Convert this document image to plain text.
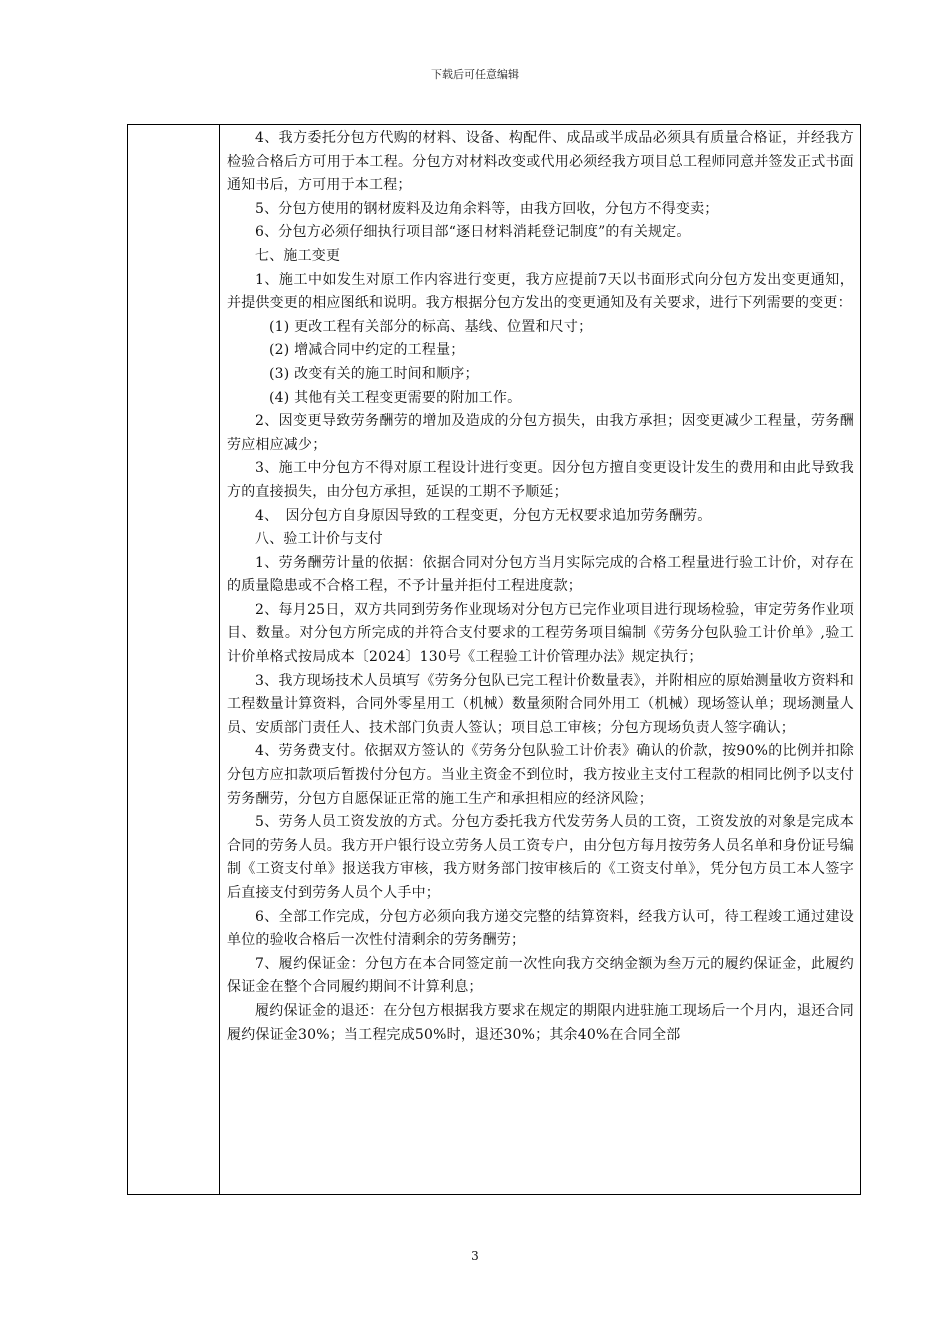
下载后可任意编辑

4、我方委托分包方代购的材料、设备、构配件、成品或半成品必须具有质量合格证，并经我方检验合格后方可用于本工程。分包方对材料改变或代用必须经我方项目总工程师同意并签发正式书面通知书后，方可用于本工程；

5、分包方使用的钢材废料及边角余料等，由我方回收，分包方不得变卖；

6、分包方必须仔细执行项目部“逐日材料消耗登记制度”的有关规定。

七、施工变更

1、施工中如发生对原工作内容进行变更，我方应提前7天以书面形式向分包方发出变更通知，并提供变更的相应图纸和说明。我方根据分包方发出的变更通知及有关要求，进行下列需要的变更：

(1) 更改工程有关部分的标高、基线、位置和尺寸；

(2) 增减合同中约定的工程量；

(3) 改变有关的施工时间和顺序；

(4) 其他有关工程变更需要的附加工作。

2、因变更导致劳务酬劳的增加及造成的分包方损失，由我方承担；因变更减少工程量，劳务酬劳应相应减少；

3、施工中分包方不得对原工程设计进行变更。因分包方擅自变更设计发生的费用和由此导致我方的直接损失，由分包方承担，延误的工期不予顺延；

4、　因分包方自身原因导致的工程变更，分包方无权要求追加劳务酬劳。

八、验工计价与支付

1、劳务酬劳计量的依据：依据合同对分包方当月实际完成的合格工程量进行验工计价，对存在的质量隐患或不合格工程，不予计量并拒付工程进度款；

2、每月25日，双方共同到劳务作业现场对分包方已完作业项目进行现场检验，审定劳务作业项目、数量。对分包方所完成的并符合支付要求的工程劳务项目编制《劳务分包队验工计价单》,验工计价单格式按局成本〔2024〕130号《工程验工计价管理办法》规定执行；

3、我方现场技术人员填写《劳务分包队已完工程计价数量表》，并附相应的原始测量收方资料和工程数量计算资料，合同外零星用工（机械）数量须附合同外用工（机械）现场签认单；现场测量人员、安质部门责任人、技术部门负责人签认；项目总工审核；分包方现场负责人签字确认；

4、劳务费支付。依据双方签认的《劳务分包队验工计价表》确认的价款，按90%的比例并扣除分包方应扣款项后暂拨付分包方。当业主资金不到位时，我方按业主支付工程款的相同比例予以支付劳务酬劳，分包方自愿保证正常的施工生产和承担相应的经济风险；

5、劳务人员工资发放的方式。分包方委托我方代发劳务人员的工资，工资发放的对象是完成本合同的劳务人员。我方开户银行设立劳务人员工资专户，由分包方每月按劳务人员名单和身份证号编制《工资支付单》报送我方审核，我方财务部门按审核后的《工资支付单》，凭分包方员工本人签字后直接支付到劳务人员个人手中；

6、全部工作完成，分包方必须向我方递交完整的结算资料，经我方认可，待工程竣工通过建设单位的验收合格后一次性付清剩余的劳务酬劳；

7、履约保证金：分包方在本合同签定前一次性向我方交纳金额为叁万元的履约保证金，此履约保证金在整个合同履约期间不计算利息；

履约保证金的退还：在分包方根据我方要求在规定的期限内进驻施工现场后一个月内，退还合同履约保证金30%；当工程完成50%时，退还30%；其余40%在合同全部

3
